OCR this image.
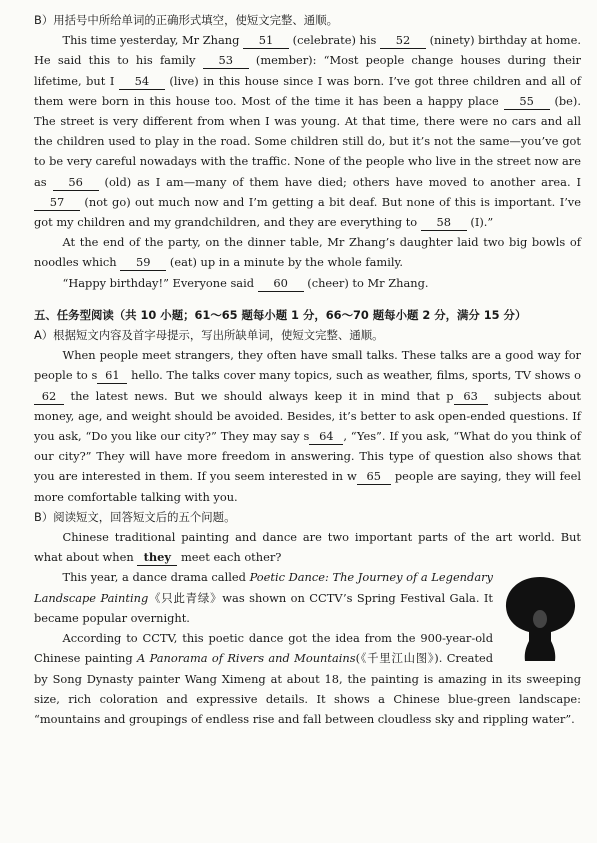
B）用括号中所给单词的正确形式填空，使短文完整、通顺。

This time yesterday, Mr Zhang 51 (celebrate) his 52 (ninety) birthday at home. He said this to his family 53 (member): “Most people change houses during their lifetime, but I 54 (live) in this house since I was born. I’ve got three children and all of them were born in this house too. Most of the time it has been a happy place 55 (be). The street is very different from when I was young. At that time, there were no cars and all the children used to play in the road. Some children still do, but it’s not the same—you’ve got to be very careful nowadays with the traffic. None of the people who live in the street now are as 56 (old) as I am—many of them have died; others have moved to another area. I 57 (not go) out much now and I’m getting a bit deaf. But none of this is important. I’ve got my children and my grandchildren, and they are everything to 58 (I).”

At the end of the party, on the dinner table, Mr Zhang’s daughter laid two big bowls of noodles which 59 (eat) up in a minute by the whole family.

“Happy birthday!” Everyone said 60 (cheer) to Mr Zhang.

五、任务型阅读（共 10 小题；61～65 题每小题 1 分，66～70 题每小题 2 分，满分 15 分）

A）根据短文内容及首字母提示，写出所缺单词，使短文完整、通顺。

When people meet strangers, they often have small talks. These talks are a good way for people to s 61 hello. The talks cover many topics, such as weather, films, sports, TV shows o62 the latest news. But we should always keep it in mind that p 63 subjects about money, age, and weight should be avoided. Besides, it’s better to ask open-ended questions. If you ask, “Do you like our city?” They may say s 64 , “Yes”. If you ask, “What do you think of our city?” They will have more freedom in answering. This type of question also shows that you are interested in them. If you seem interested in w 65 people are saying, they will feel more comfortable talking with you.

B）阅读短文，回答短文后的五个问题。

Chinese traditional painting and dance are two important parts of the art world. But what about when they meet each other?

This year, a dance drama called Poetic Dance: The Journey of a Legendary Landscape Painting《只此青绿》was shown on CCTV’s Spring Festival Gala. It became popular overnight.

According to CCTV, this poetic dance got the idea from the 900-year-old Chinese painting A Panorama of Rivers and Mountains(《千里江山图》). Created by Song Dynasty painter Wang Ximeng at about 18, the painting is amazing in its sweeping size, rich coloration and expressive details. It shows a Chinese blue-green landscape: “mountains and groupings of endless rise and fall between cloudless sky and rippling water”.
